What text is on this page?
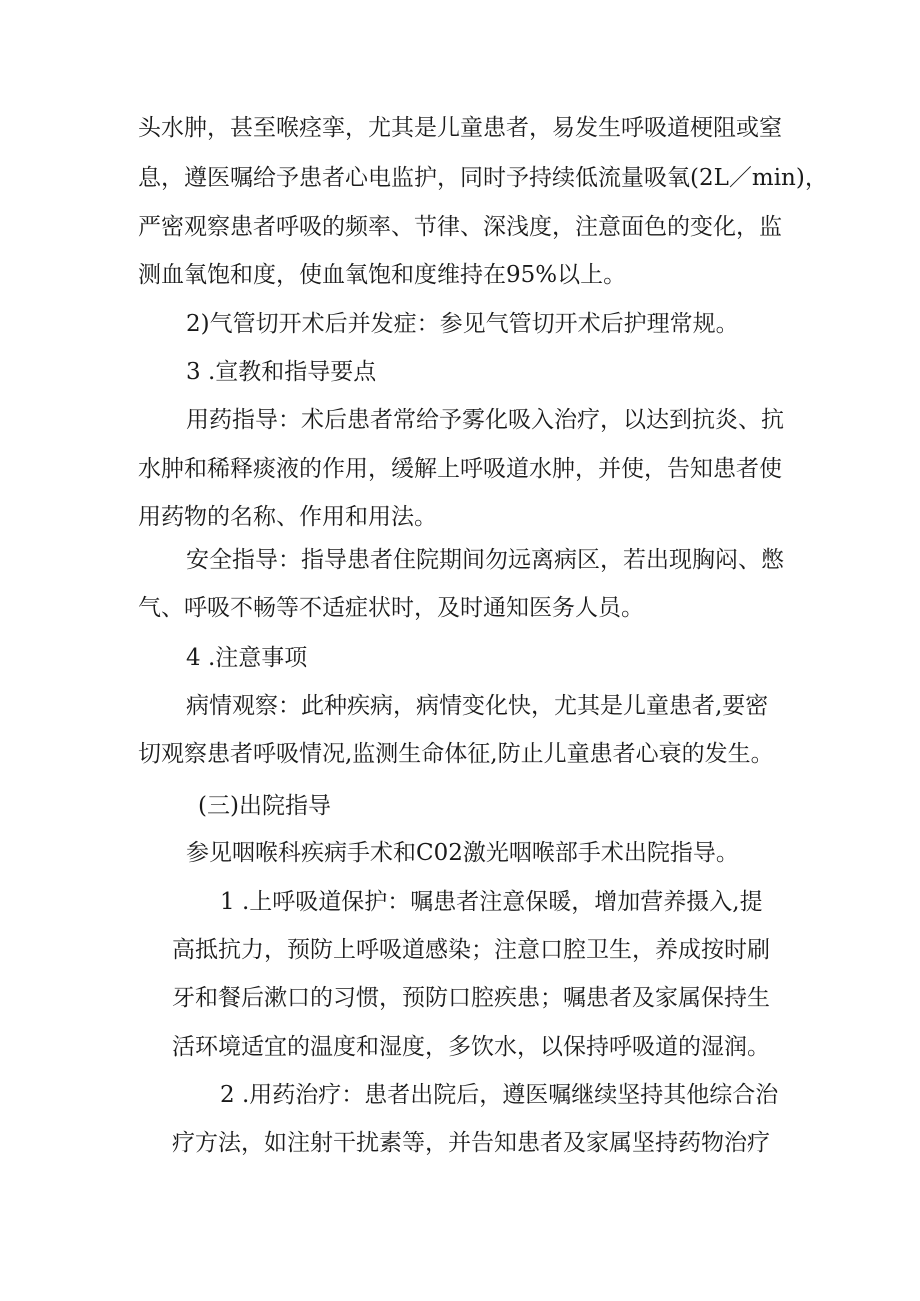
头水肿，甚至喉痉挛，尤其是儿童患者，易发生呼吸道梗阻或窒
息，遵医嘱给予患者心电监护，同时予持续低流量吸氧(2L／min)，
严密观察患者呼吸的频率、节律、深浅度，注意面色的变化，监
测血氧饱和度，使血氧饱和度维持在95%以上。
2)气管切开术后并发症：参见气管切开术后护理常规。
3 .宣教和指导要点
用药指导：术后患者常给予雾化吸入治疗，以达到抗炎、抗
水肿和稀释痰液的作用，缓解上呼吸道水肿，并使，告知患者使
用药物的名称、作用和用法。
安全指导：指导患者住院期间勿远离病区，若出现胸闷、憋
气、呼吸不畅等不适症状时，及时通知医务人员。
4 .注意事项
病情观察：此种疾病，病情变化快，尤其是儿童患者,要密
切观察患者呼吸情况,监测生命体征,防止儿童患者心衰的发生。
(三)出院指导
参见咽喉科疾病手术和C02激光咽喉部手术出院指导。
1 .上呼吸道保护：嘱患者注意保暖，增加营养摄入,提
高抵抗力，预防上呼吸道感染；注意口腔卫生，养成按时刷
牙和餐后漱口的习惯，预防口腔疾患；嘱患者及家属保持生
活环境适宜的温度和湿度，多饮水，以保持呼吸道的湿润。
2 .用药治疗：患者出院后，遵医嘱继续坚持其他综合治
疗方法，如注射干扰素等，并告知患者及家属坚持药物治疗
